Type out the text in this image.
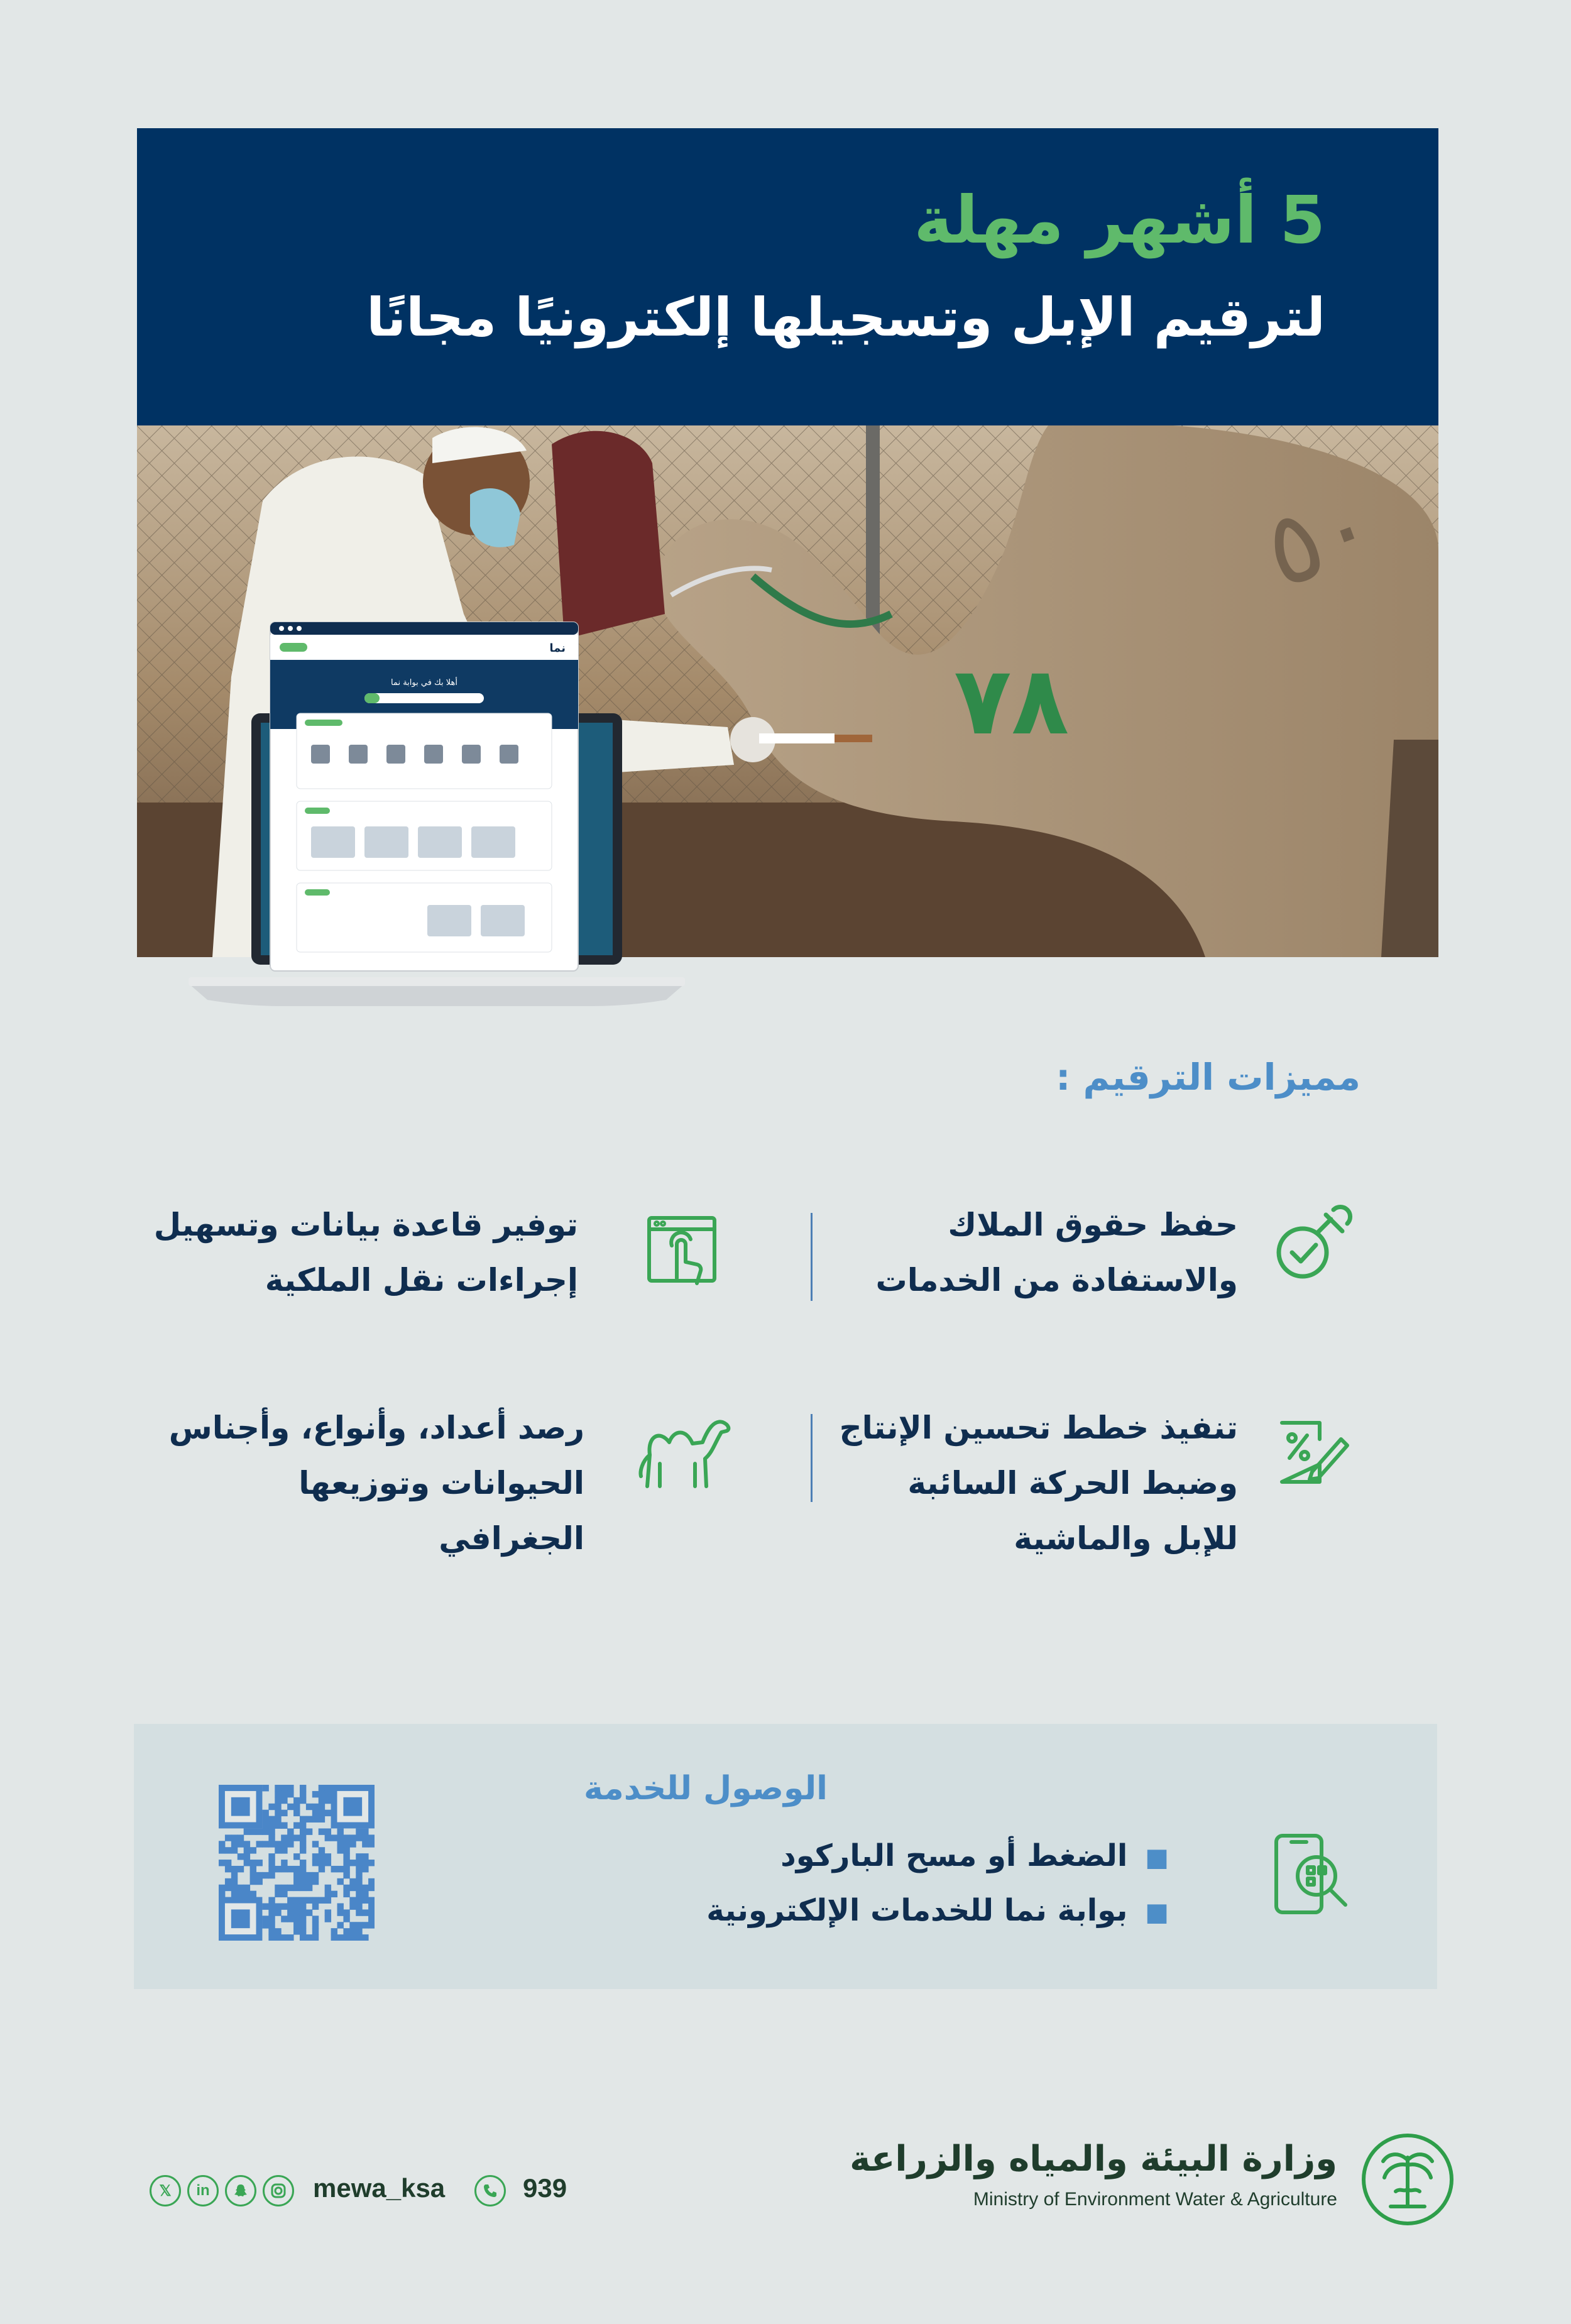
5 أشهر مهلة
لترقيم الإبل وتسجيلها إلكترونيًا مجانًا
٧٨
٥٠
نما
أهلا بك في بوابة نما
مميزات الترقيم :
حفظ حقوق الملاك
والاستفادة من الخدمات
توفير قاعدة بيانات وتسهيل
إجراءات نقل الملكية
تنفيذ خطط تحسين الإنتاج
وضبط الحركة السائبة
للإبل والماشية
رصد أعداد، وأنواع، وأجناس
الحيوانات وتوزيعها
الجغرافي
الوصول للخدمة
■  الضغط أو مسح الباركود
■  بوابة نما للخدمات الإلكترونية
وزارة البيئة والمياه والزراعة
Ministry of Environment Water & Agriculture
𝕏	in	mewa_ksa	939
